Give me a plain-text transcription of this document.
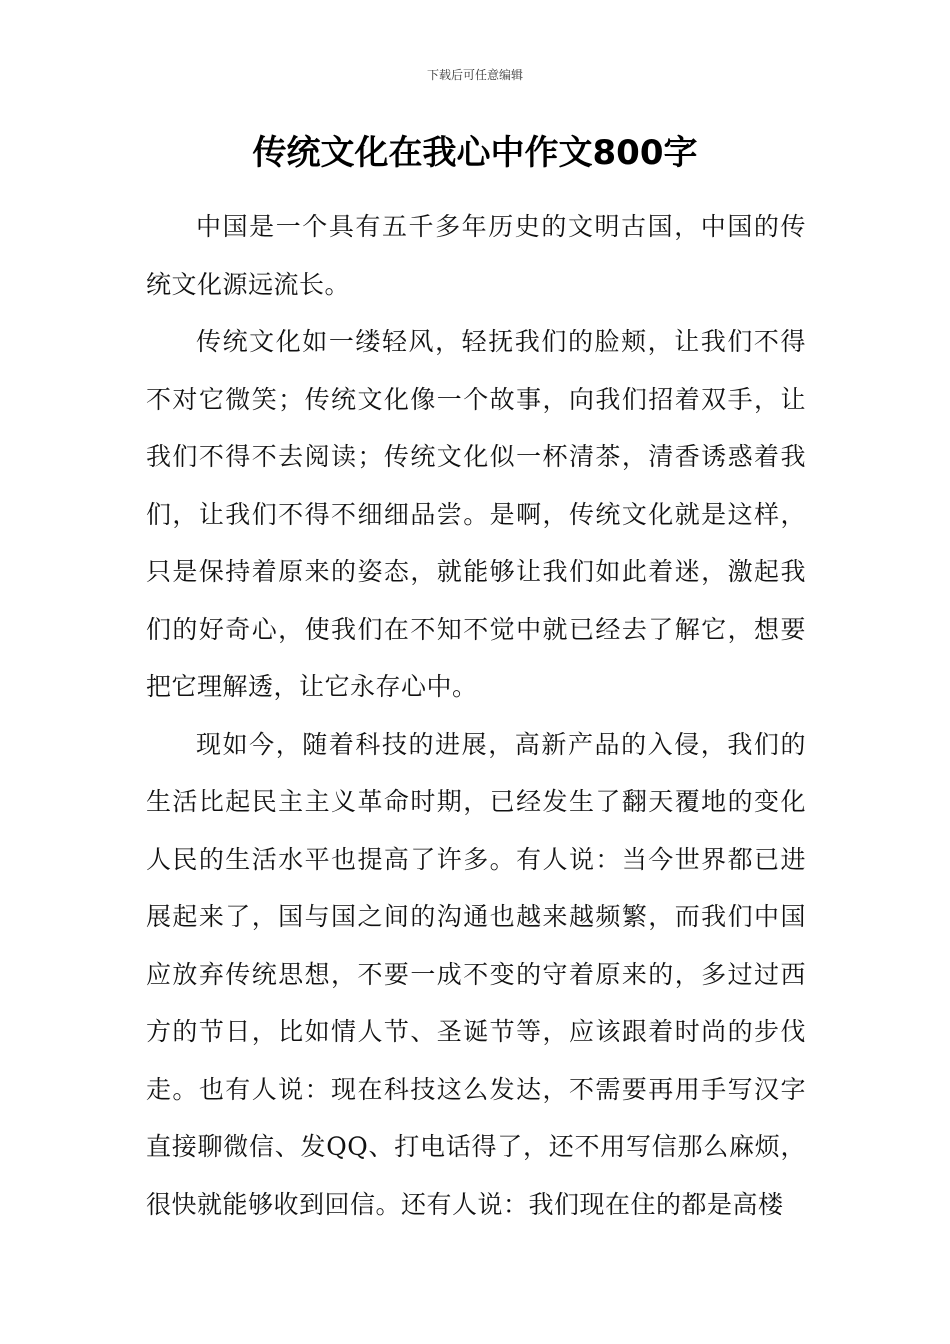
下载后可任意编辑
传统文化在我心中作文800字

中国是一个具有五千多年历史的文明古国，中国的传统文化源远流长。

传统文化如一缕轻风，轻抚我们的脸颊，让我们不得不对它微笑；传统文化像一个故事，向我们招着双手，让我们不得不去阅读；传统文化似一杯清茶，清香诱惑着我们，让我们不得不细细品尝。是啊，传统文化就是这样，只是保持着原来的姿态，就能够让我们如此着迷，激起我们的好奇心，使我们在不知不觉中就已经去了解它，想要把它理解透，让它永存心中。

现如今，随着科技的进展，高新产品的入侵，我们的生活比起民主主义革命时期，已经发生了翻天覆地的变化人民的生活水平也提高了许多。有人说：当今世界都已进展起来了，国与国之间的沟通也越来越频繁，而我们中国应放弃传统思想，不要一成不变的守着原来的，多过过西方的节日，比如情人节、圣诞节等，应该跟着时尚的步伐走。也有人说：现在科技这么发达，不需要再用手写汉字直接聊微信、发QQ、打电话得了，还不用写信那么麻烦，很快就能够收到回信。还有人说：我们现在住的都是高楼
